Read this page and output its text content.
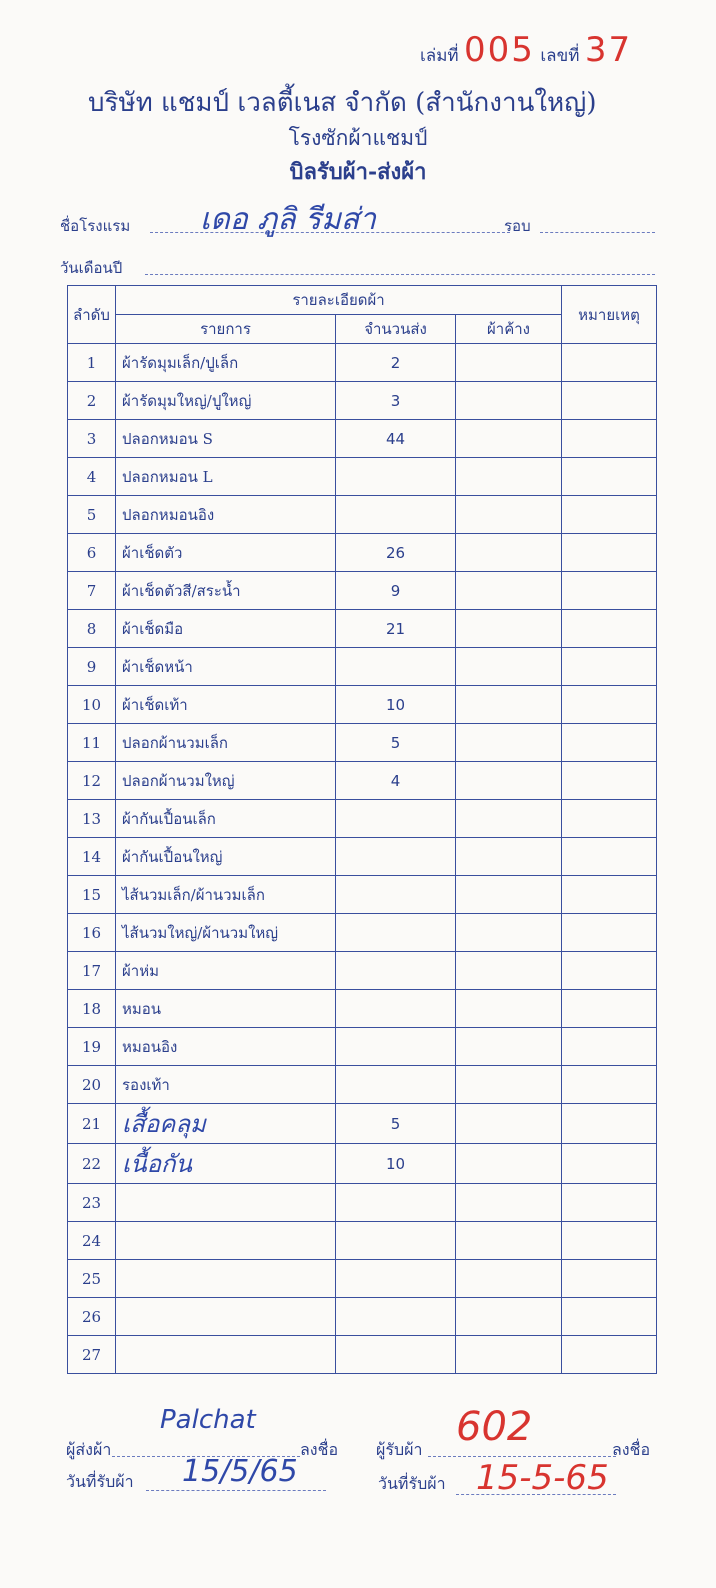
เล่มที่ 005 เลขที่ 37
บริษัท แชมป์ เวลตี้เนส จำกัด (สำนักงานใหญ่)
โรงซักผ้าแชมป์
บิลรับผ้า-ส่งผ้า
ชื่อโรงแรม เดอ ภูลิ รีมส่า	รอบ
วันเดือนปี
ลำดับ	รายละเอียดผ้า			หมายเหตุ
	รายการ	จำนวนส่ง	ผ้าค้าง	
1	ผ้ารัดมุมเล็ก/ปูเล็ก	2		
2	ผ้ารัดมุมใหญ่/ปูใหญ่	3		
3	ปลอกหมอน S	44		
4	ปลอกหมอน L			
5	ปลอกหมอนอิง			
6	ผ้าเช็ดตัว	26		
7	ผ้าเช็ดตัวสี/สระน้ำ	9		
8	ผ้าเช็ดมือ	21		
9	ผ้าเช็ดหน้า			
10	ผ้าเช็ดเท้า	10		
11	ปลอกผ้านวมเล็ก	5		
12	ปลอกผ้านวมใหญ่	4		
13	ผ้ากันเปื้อนเล็ก			
14	ผ้ากันเปื้อนใหญ่			
15	ไส้นวมเล็ก/ผ้านวมเล็ก			
16	ไส้นวมใหญ่/ผ้านวมใหญ่			
17	ผ้าห่ม			
18	หมอน			
19	หมอนอิง			
20	รองเท้า			
21	เสื้อคลุม	5		
22	เนื้อกัน	10		
23				
24				
25				
26				
27				
ผู้ส่งผ้า
Palchat
ลงชื่อ
วันที่รับผ้า 15/5/65
ผู้รับผ้า 602	ลงชื่อ
วันที่รับผ้า 15-5-65
